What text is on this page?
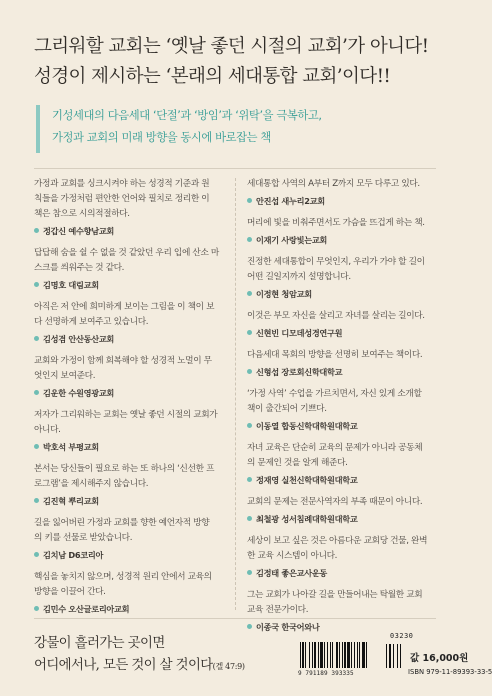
그리워할 교회는 ‘옛날 좋던 시절의 교회’가 아니다!
성경이 제시하는 ‘본래의 세대통합 교회’이다!!
기성세대의 다음세대 ‘단절’과 ‘방임’과 ‘위탁’을 극복하고,
가정과 교회의 미래 방향을 동시에 바로잡는 책
가정과 교회를 싱크시켜야 하는 성경적 기준과 원
칙들을 가정처럼 편안한 언어와 필치로 정리한 이
책은 참으로 시의적절하다.
정갑신 예수향남교회
답답해 숨을 쉴 수 없을 것 같았던 우리 입에 산소 마
스크를 씌워주는 것 같다.
김명호 대림교회
아직은 저 안에 희미하게 보이는 그림을 이 책이 보
다 선명하게 보여주고 있습니다.
김성겸 안산동산교회
교회와 가정이 함께 회복해야 할 성경적 노멀이 무
엇인지 보여준다.
김운한 수원영광교회
저자가 그리워하는 교회는 옛날 좋던 시절의 교회가
아니다.
박호석 부평교회
본서는 당신들이 필요로 하는 또 하나의 ‘신선한 프
로그램’을 제시해주지 않습니다.
김진혁 뿌리교회
길을 잃어버린 가정과 교회를 향한 예언자적 방향
의 키를 선물로 받았습니다.
김치남 D6코리아
핵심을 놓치지 않으며, 성경적 원리 안에서 교육의
방향을 이끌어 간다.
김민수 오산글로리아교회
세대통합 사역의 A부터 Z까지 모두 다루고 있다.
안진섭 새누리2교회
머리에 빛을 비춰주면서도 가슴을 뜨겁게 하는 책.
이재기 사랑빛는교회
진정한 세대통합이 무엇인지, 우리가 가야 할 길이
어떤 길일지까지 설명합니다.
이정현 청암교회
이것은 부모 자신을 살리고 자녀를 살리는 길이다.
신현빈 디모데성경연구원
다음세대 목회의 방향을 선명히 보여주는 책이다.
신형섭 장로회신학대학교
‘가정 사역’ 수업을 가르치면서, 자신 있게 소개할
책이 출간되어 기쁘다.
이동열 합동신학대학원대학교
자녀 교육은 단순히 교육의 문제가 아니라 공동체
의 문제인 것을 알게 해준다.
정재영 실천신학대학원대학교
교회의 문제는 전문사역자의 부족 때문이 아니다.
최철광 성서침례대학원대학교
세상이 보고 싶은 것은 아름다운 교회당 건물, 완벽
한 교육 시스템이 아니다.
김정태 좋은교사운동
그는 교회가 나아갈 길을 만들어내는 탁월한 교회
교육 전문가이다.
이종국 한국어와나
강물이 흘러가는 곳이면
어디에서나, 모든 것이 살 것이다(겔 47:9)
03230
9 791189 393335
값 16,000원
ISBN 979-11-89393-33-5
